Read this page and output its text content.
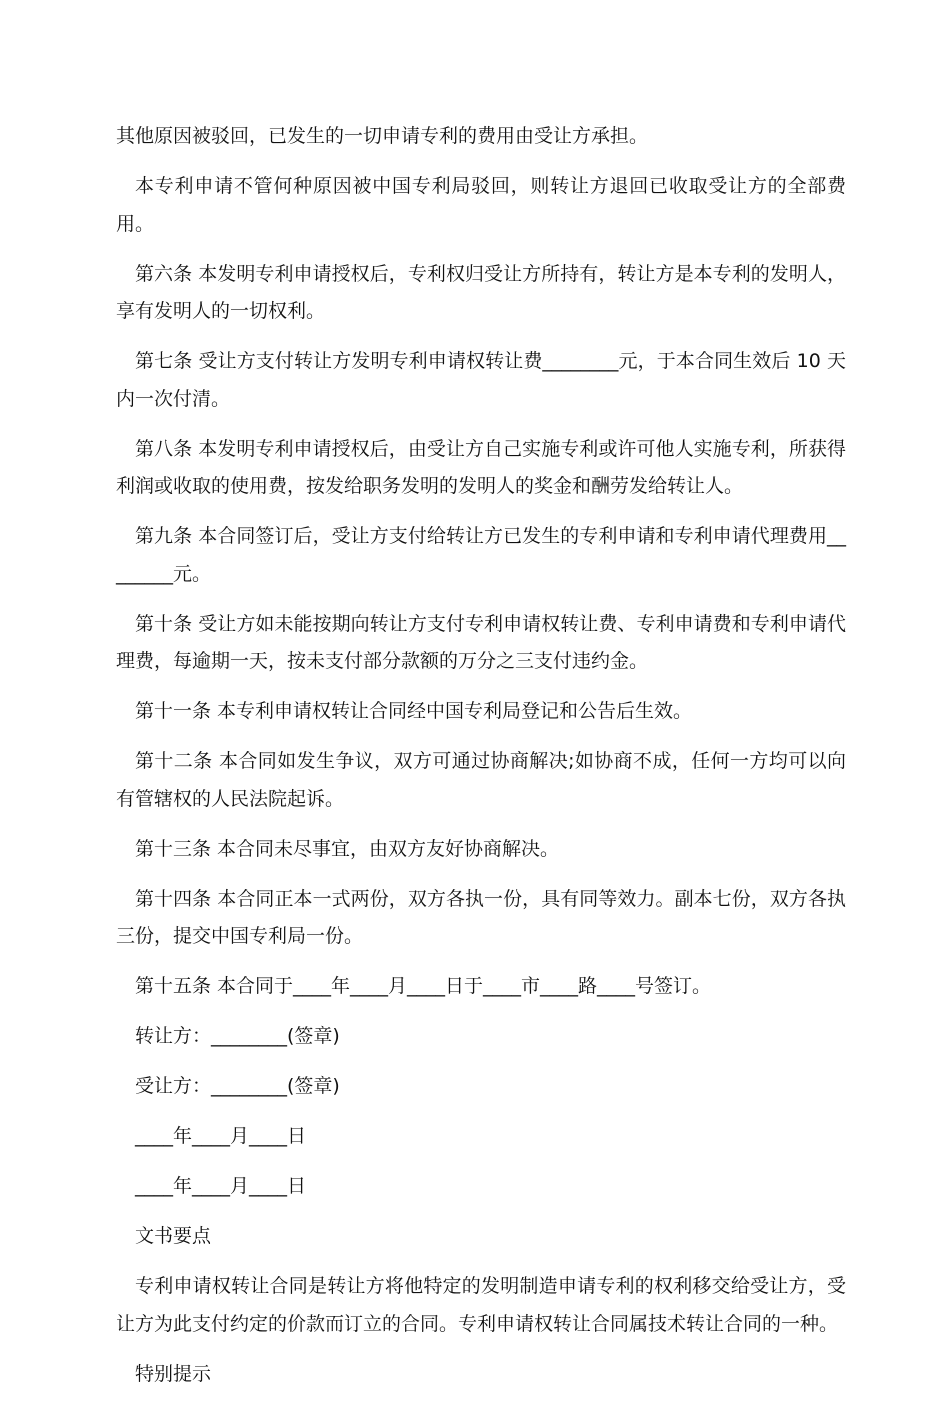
其他原因被驳回，已发生的一切申请专利的费用由受让方承担。

本专利申请不管何种原因被中国专利局驳回，则转让方退回已收取受让方的全部费用。

第六条 本发明专利申请授权后，专利权归受让方所持有，转让方是本专利的发明人，享有发明人的一切权利。

第七条 受让方支付转让方发明专利申请权转让费________元，于本合同生效后 10 天内一次付清。

第八条 本发明专利申请授权后，由受让方自己实施专利或许可他人实施专利，所获得利润或收取的使用费，按发给职务发明的发明人的奖金和酬劳发给转让人。

第九条 本合同签订后，受让方支付给转让方已发生的专利申请和专利申请代理费用________元。

第十条 受让方如未能按期向转让方支付专利申请权转让费、专利申请费和专利申请代理费，每逾期一天，按未支付部分款额的万分之三支付违约金。

第十一条 本专利申请权转让合同经中国专利局登记和公告后生效。

第十二条 本合同如发生争议，双方可通过协商解决;如协商不成，任何一方均可以向有管辖权的人民法院起诉。

第十三条 本合同未尽事宜，由双方友好协商解决。

第十四条 本合同正本一式两份，双方各执一份，具有同等效力。副本七份，双方各执三份，提交中国专利局一份。

第十五条 本合同于____年____月____日于____市____路____号签订。

转让方：________(签章)

受让方：________(签章)

____年____月____日

____年____月____日

文书要点

专利申请权转让合同是转让方将他特定的发明制造申请专利的权利移交给受让方，受让方为此支付约定的价款而订立的合同。专利申请权转让合同属技术转让合同的一种。

特别提示
